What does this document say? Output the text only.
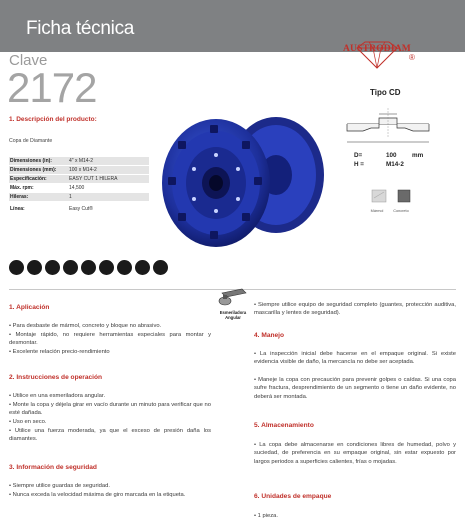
Ficha técnica
Clave
2172
AUSTRODIAM
®
Tipo CD
D=	100 mm
H =	M14-2
Mármol	Concreto
1. Descripción del producto:
Copa de Diamante
Dimensiones (in):	4" x M14-2
Dimensiones (mm):	100 x M14-2
Especificación:	EASY CUT 1 HILERA
Máx. rpm:	14,500
Hileras:	1
Línea:	Easy Cut®
Esmeriladora
Angular
1. Aplicación
• Para desbaste de mármol, concreto y bloque no abrasivo.
• Montaje rápido, no requiere herramientas especiales para montar y desmontar.
• Excelente relación precio-rendimiento
2. Instrucciones de operación
• Utilice en una esmeriladora angular.
• Monte la copa y déjela girar en vacío durante un minuto para verificar que no esté dañada.
• Uso en seco.
• Utilice una fuerza moderada, ya que el exceso de presión daña los diamantes.
3. Información de seguridad
• Siempre utilice guardas de seguridad.
• Nunca exceda la velocidad máxima de giro marcada en la etiqueta.
• Siempre utilice equipo de seguridad completo (guantes, protección auditiva, mascarilla y lentes de seguridad).
4. Manejo
• La inspección inicial debe hacerse en el empaque original. Si existe evidencia visible de daño, la mercancía no debe ser aceptada.
• Maneje la copa con precaución para prevenir golpes o caídas. Si una copa sufre fractura, desprendimiento de un segmento o tiene un daño evidente, no deberá ser montada.
5. Almacenamiento
• La copa debe almacenarse en condiciones libres de humedad, polvo y suciedad, de preferencia en su empaque original, sin estar expuesto por largos periodos a superficies calientes, frías o mojadas.
6. Unidades de empaque
• 1 pieza.
